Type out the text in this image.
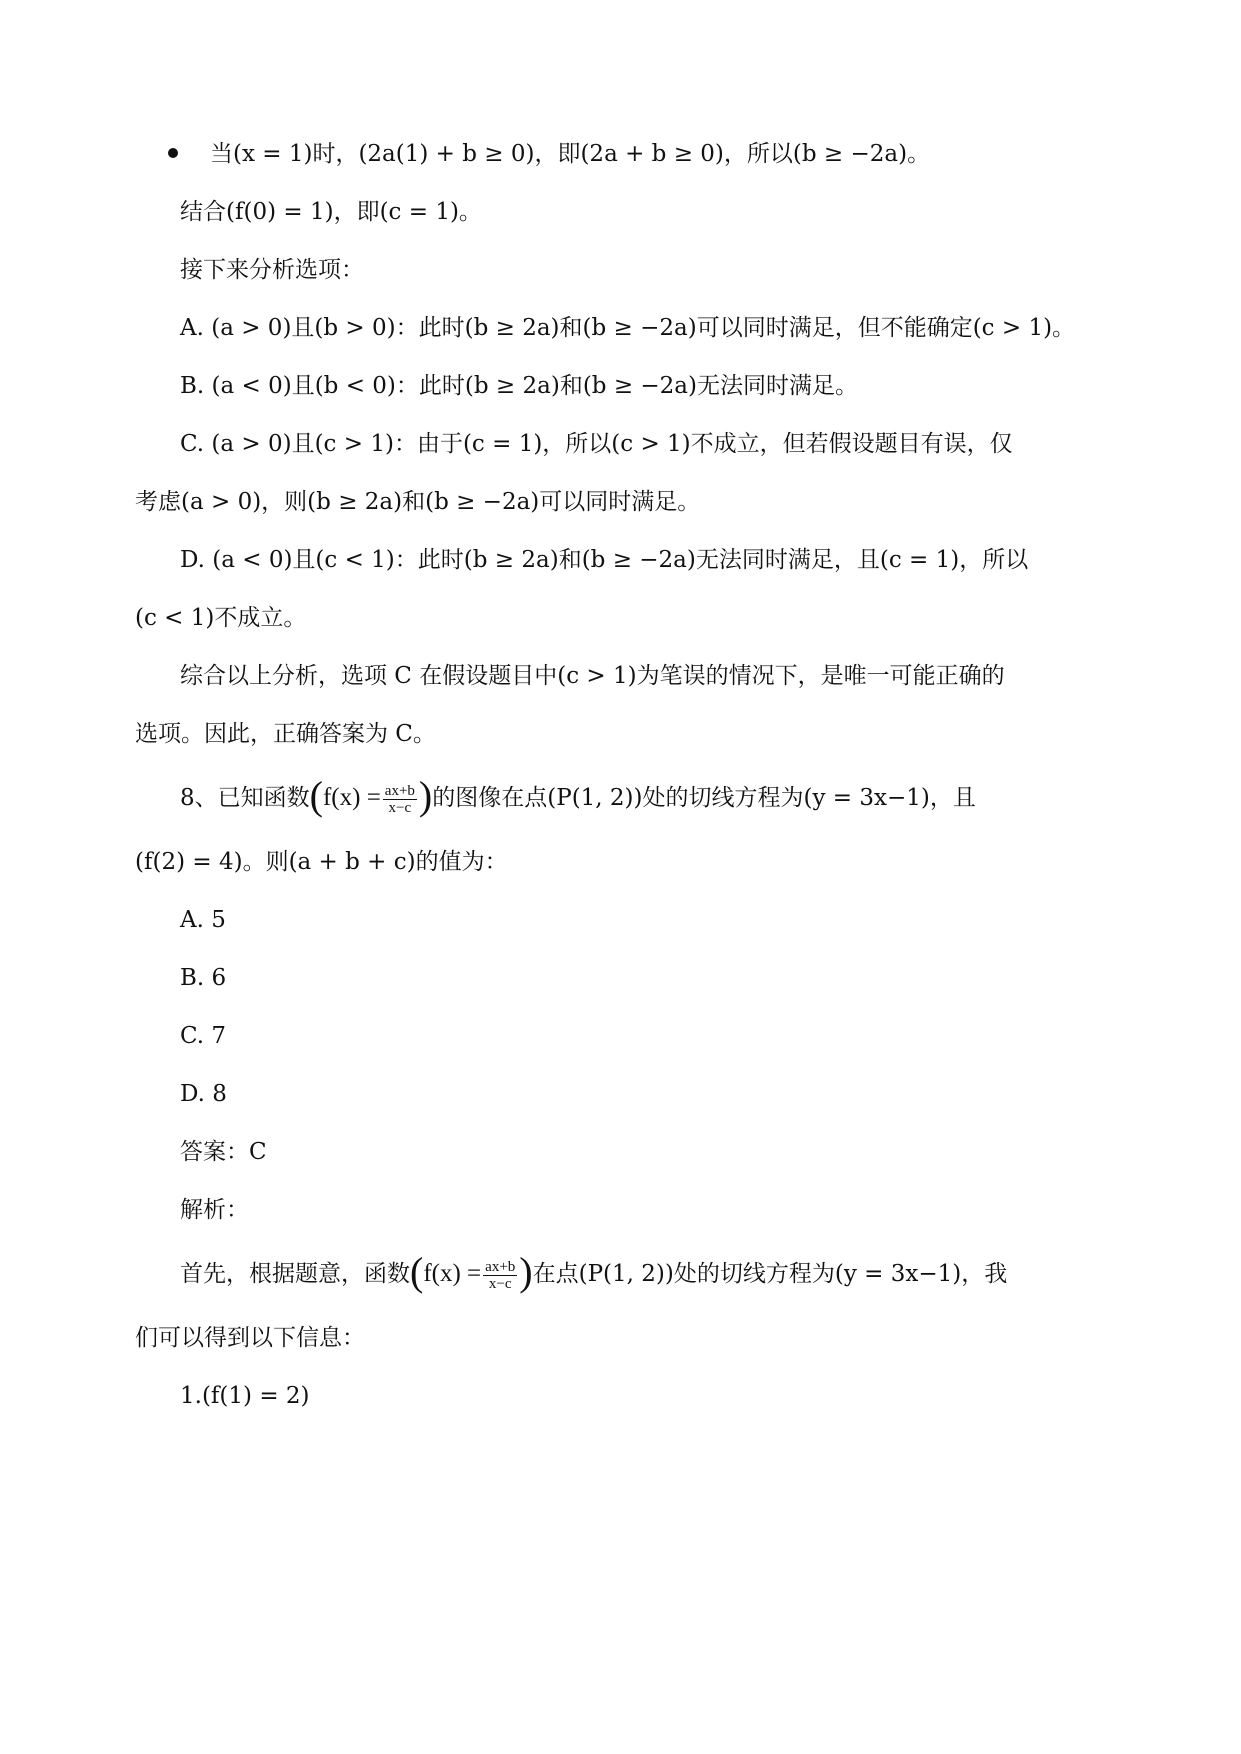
当(x = 1)时，(2a(1) + b ≥ 0)，即(2a + b ≥ 0)，所以(b ≥ −2a)。
结合(f(0) = 1)，即(c = 1)。
接下来分析选项：
A. (a > 0)且(b > 0)：此时(b ≥ 2a)和(b ≥ −2a)可以同时满足，但不能确定(c > 1)。
B. (a < 0)且(b < 0)：此时(b ≥ 2a)和(b ≥ −2a)无法同时满足。
C. (a > 0)且(c > 1)：由于(c = 1)，所以(c > 1)不成立，但若假设题目有误，仅
考虑(a > 0)，则(b ≥ 2a)和(b ≥ −2a)可以同时满足。
D. (a < 0)且(c < 1)：此时(b ≥ 2a)和(b ≥ −2a)无法同时满足，且(c = 1)，所以
(c < 1)不成立。
综合以上分析，选项 C 在假设题目中(c > 1)为笔误的情况下，是唯一可能正确的
选项。因此，正确答案为 C。
8、已知函数($f(x) = \frac{ax+b}{x-c}$ )的图像在点(P(1, 2))处的切线方程为(y = 3x−1)，且
(f(2) = 4)。则(a + b + c)的值为：
A. 5
B. 6
C. 7
D. 8
答案：C
解析：
首先，根据题意，函数($f(x) = \frac{ax+b}{x-c}$ )在点(P(1, 2))处的切线方程为(y = 3x−1)，我
们可以得到以下信息：
1.(f(1) = 2)
